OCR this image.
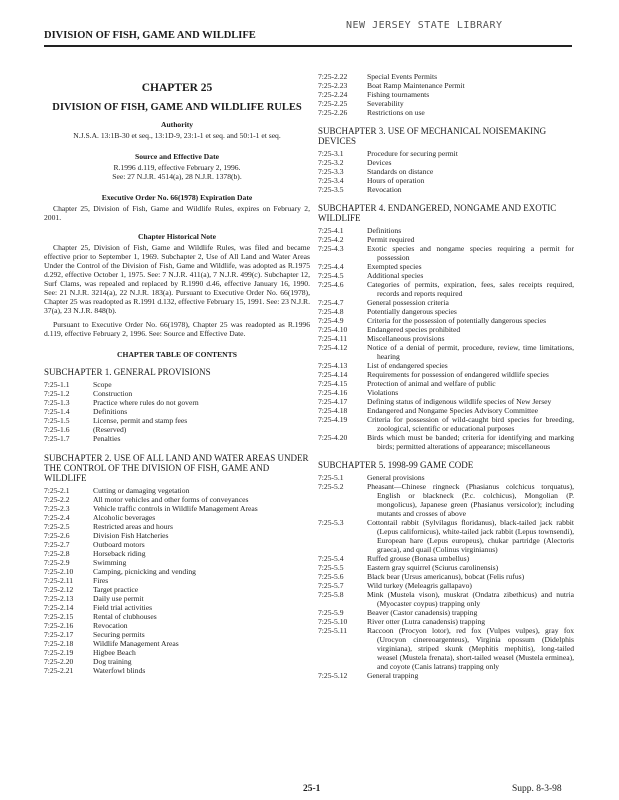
DIVISION OF FISH, GAME AND WILDLIFE
NEW JERSEY STATE LIBRARY
CHAPTER 25
DIVISION OF FISH, GAME AND WILDLIFE RULES
Authority
N.J.S.A. 13:1B-30 et seq., 13:1D-9, 23:1-1 et seq. and 50:1-1 et seq.
Source and Effective Date
R.1996 d.119, effective February 2, 1996.
See: 27 N.J.R. 4514(a), 28 N.J.R. 1378(b).
Executive Order No. 66(1978) Expiration Date

Chapter 25, Division of Fish, Game and Wildlife Rules, expires on February 2, 2001.

Chapter Historical Note

Chapter 25, Division of Fish, Game and Wildlife Rules, was filed and became effective prior to September 1, 1969. Subchapter 2, Use of All Land and Water Areas Under the Control of the Division of Fish, Game and Wildlife, was adopted as R.1975 d.292, effective October 1, 1975. See: 7 N.J.R. 411(a), 7 N.J.R. 499(c). Subchapter 12, Surf Clams, was repealed and replaced by R.1990 d.46, effective January 16, 1990. See: 21 N.J.R. 3214(a), 22 N.J.R. 183(a). Pursuant to Executive Order No. 66(1978), Chapter 25 was readopted as R.1991 d.132, effective February 15, 1991. See: 23 N.J.R. 37(a), 23 N.J.R. 848(b).

Pursuant to Executive Order No. 66(1978), Chapter 25 was readopted as R.1996 d.119, effective February 2, 1996. See: Source and Effective Date.

CHAPTER TABLE OF CONTENTS
SUBCHAPTER 1. GENERAL PROVISIONS
7:25-1.1	Scope
7:25-1.2	Construction
7:25-1.3	Practice where rules do not govern
7:25-1.4	Definitions
7:25-1.5	License, permit and stamp fees
7:25-1.6	(Reserved)
7:25-1.7	Penalties
SUBCHAPTER 2. USE OF ALL LAND AND WATER AREAS UNDER THE CONTROL OF THE DIVISION OF FISH, GAME AND WILDLIFE
7:25-2.1	Cutting or damaging vegetation
7:25-2.2	All motor vehicles and other forms of conveyances
7:25-2.3	Vehicle traffic controls in Wildlife Management Areas
7:25-2.4	Alcoholic beverages
7:25-2.5	Restricted areas and hours
7:25-2.6	Division Fish Hatcheries
7:25-2.7	Outboard motors
7:25-2.8	Horseback riding
7:25-2.9	Swimming
7:25-2.10	Camping, picnicking and vending
7:25-2.11	Fires
7:25-2.12	Target practice
7:25-2.13	Daily use permit
7:25-2.14	Field trial activities
7:25-2.15	Rental of clubhouses
7:25-2.16	Revocation
7:25-2.17	Securing permits
7:25-2.18	Wildlife Management Areas
7:25-2.19	Higbee Beach
7:25-2.20	Dog training
7:25-2.21	Waterfowl blinds
7:25-2.22	Special Events Permits
7:25-2.23	Boat Ramp Maintenance Permit
7:25-2.24	Fishing tournaments
7:25-2.25	Severability
7:25-2.26	Restrictions on use
SUBCHAPTER 3. USE OF MECHANICAL NOISEMAKING DEVICES
7:25-3.1	Procedure for securing permit
7:25-3.2	Devices
7:25-3.3	Standards on distance
7:25-3.4	Hours of operation
7:25-3.5	Revocation
SUBCHAPTER 4. ENDANGERED, NONGAME AND EXOTIC WILDLIFE
7:25-4.1	Definitions
7:25-4.2	Permit required
7:25-4.3	Exotic species and nongame species requiring a permit for possession
7:25-4.4	Exempted species
7:25-4.5	Additional species
7:25-4.6	Categories of permits, expiration, fees, sales receipts required, records and reports required
7:25-4.7	General possession criteria
7:25-4.8	Potentially dangerous species
7:25-4.9	Criteria for the possession of potentially dangerous species
7:25-4.10	Endangered species prohibited
7:25-4.11	Miscellaneous provisions
7:25-4.12	Notice of a denial of permit, procedure, review, time limitations, hearing
7:25-4.13	List of endangered species
7:25-4.14	Requirements for possession of endangered wildlife species
7:25-4.15	Protection of animal and welfare of public
7:25-4.16	Violations
7:25-4.17	Defining status of indigenous wildlife species of New Jersey
7:25-4.18	Endangered and Nongame Species Advisory Committee
7:25-4.19	Criteria for possession of wild-caught bird species for breeding, zoological, scientific or educational purposes
7:25-4.20	Birds which must be banded; criteria for identifying and marking birds; permitted alterations of appearance; miscellaneous
SUBCHAPTER 5. 1998-99 GAME CODE
7:25-5.1	General provisions
7:25-5.2	Pheasant—Chinese ringneck (Phasianus colchicus torquatus), English or blackneck (P.c. colchicus), Mongolian (P. mongolicus), Japanese green (Phasianus versicolor); including mutants and crosses of above
7:25-5.3	Cottontail rabbit (Sylvilagus floridanus), black-tailed jack rabbit (Lepus californicus), white-tailed jack rabbit (Lepus townsendi), European hare (Lepus europeus), chukar partridge (Alectoris graeca), and quail (Colinus virginianus)
7:25-5.4	Ruffed grouse (Bonasa umbellus)
7:25-5.5	Eastern gray squirrel (Sciurus carolinensis)
7:25-5.6	Black bear (Ursus americanus), bobcat (Felis rufus)
7:25-5.7	Wild turkey (Meleagris gallapavo)
7:25-5.8	Mink (Mustela vison), muskrat (Ondatra zibethicus) and nutria (Myocaster coypus) trapping only
7:25-5.9	Beaver (Castor canadensis) trapping
7:25-5.10	River otter (Lutra canadensis) trapping
7:25-5.11	Raccoon (Procyon lotor), red fox (Vulpes vulpes), gray fox (Urocyon cinereoargenteus), Virginia opossum (Didelphis virginiana), striped skunk (Mephitis mephitis), long-tailed weasel (Mustela frenata), short-tailed weasel (Mustela erminea), and coyote (Canis latrans) trapping only
7:25-5.12	General trapping
25-1	Supp. 8-3-98
